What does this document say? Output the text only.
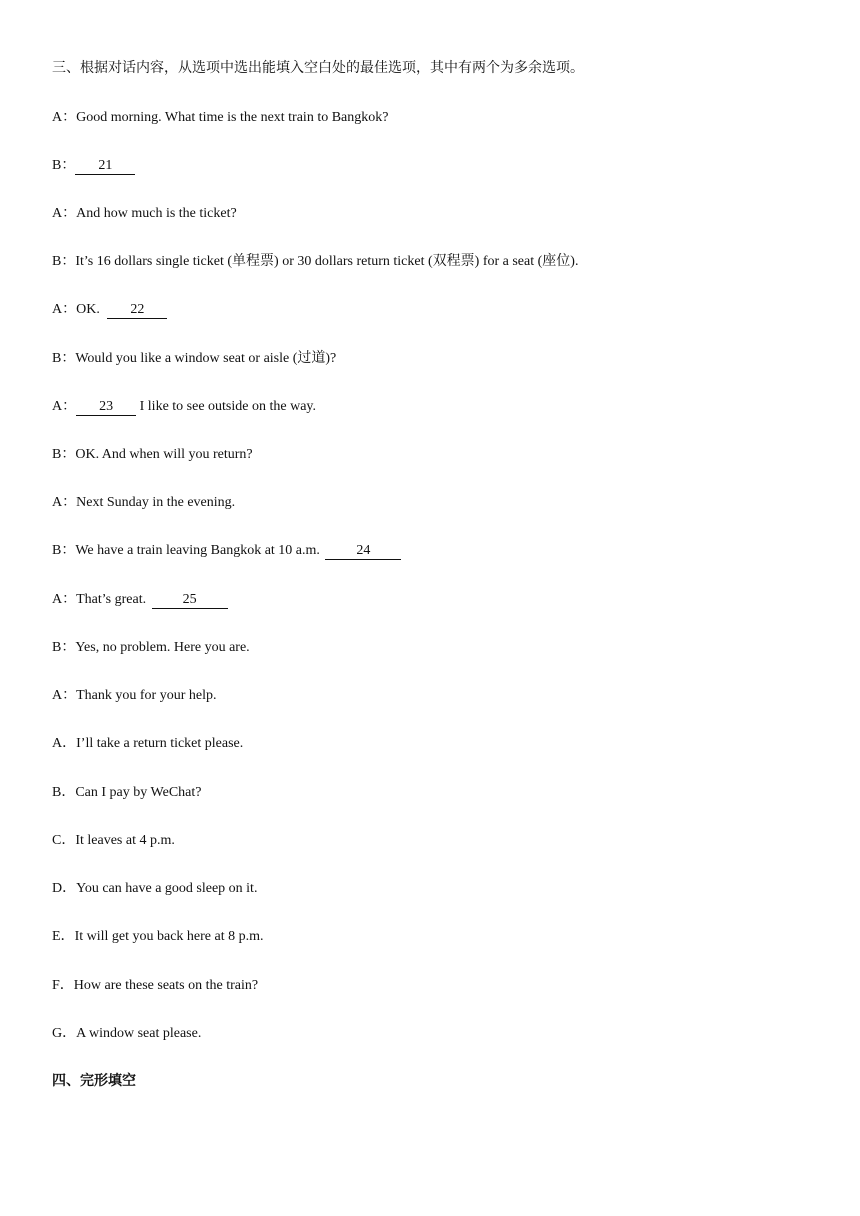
三、根据对话内容，从选项中选出能填入空白处的最佳选项，其中有两个为多余选项。
A：Good morning. What time is the next train to Bangkok?
B： 21
A：And how much is the ticket?
B：It’s 16 dollars single ticket (单程票) or 30 dollars return ticket (双程票) for a seat (座位).
A：OK. 22
B：Would you like a window seat or aisle (过道)?
A： 23 I like to see outside on the way.
B：OK. And when will you return?
A：Next Sunday in the evening.
B：We have a train leaving Bangkok at 10 a.m. 24
A：That’s great. 25
B：Yes, no problem. Here you are.
A：Thank you for your help.
A．I’ll take a return ticket please.
B．Can I pay by WeChat?
C．It leaves at 4 p.m.
D．You can have a good sleep on it.
E．It will get you back here at 8 p.m.
F．How are these seats on the train?
G．A window seat please.
四、完形填空
